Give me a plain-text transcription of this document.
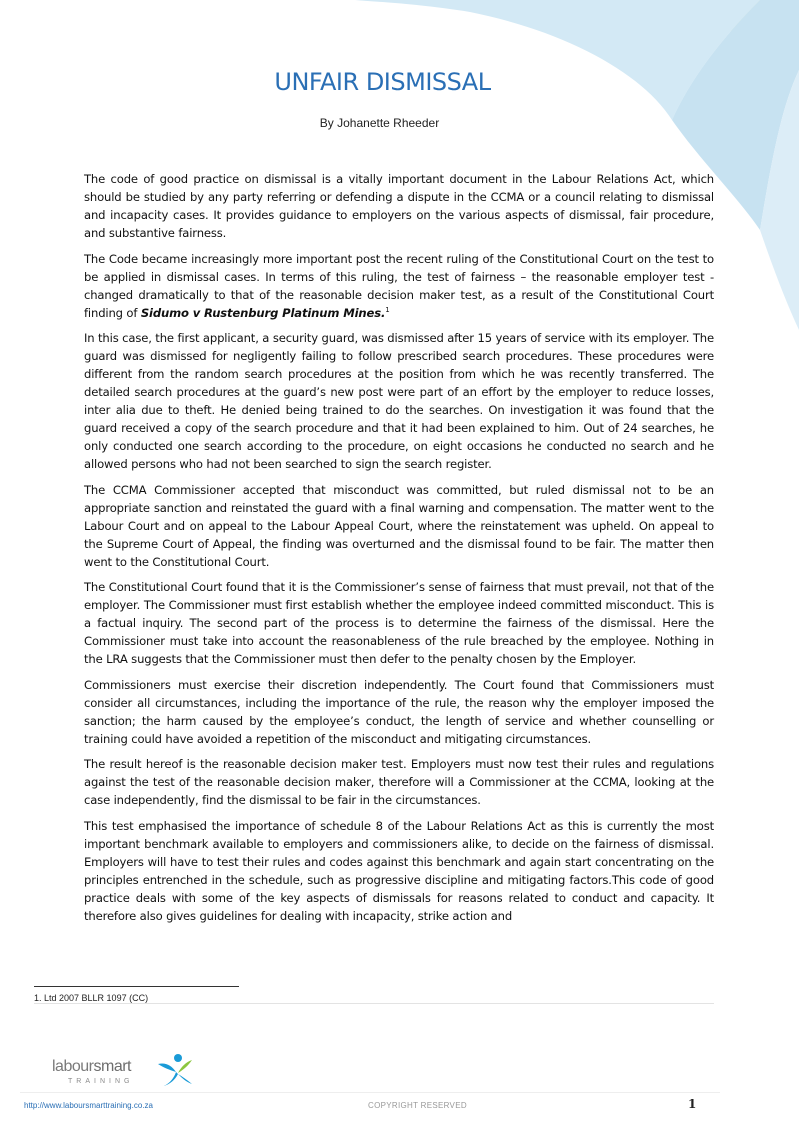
UNFAIR DISMISSAL
By Johanette Rheeder

The code of good practice on dismissal is a vitally important document in the Labour Relations Act, which should be studied by any party referring or defending a dispute in the CCMA or a council relating to dismissal and incapacity cases. It provides guidance to employers on the various aspects of dismissal, fair procedure, and substantive fairness.

The Code became increasingly more important post the recent ruling of the Constitutional Court on the test to be applied in dismissal cases. In terms of this ruling, the test of fairness – the reasonable employer test - changed dramatically to that of the reasonable decision maker test, as a result of the Constitutional Court finding of Sidumo v Rustenburg Platinum Mines.$^1$

In this case, the first applicant, a security guard, was dismissed after 15 years of service with its employer. The guard was dismissed for negligently failing to follow prescribed search procedures. These procedures were different from the random search procedures at the position from which he was recently transferred. The detailed search procedures at the guard’s new post were part of an effort by the employer to reduce losses, inter alia due to theft. He denied being trained to do the searches. On investigation it was found that the guard received a copy of the search procedure and that it had been explained to him. Out of 24 searches, he only conducted one search according to the procedure, on eight occasions he conducted no search and he allowed persons who had not been searched to sign the search register.

The CCMA Commissioner accepted that misconduct was committed, but ruled dismissal not to be an appropriate sanction and reinstated the guard with a final warning and compensation. The matter went to the Labour Court and on appeal to the Labour Appeal Court, where the reinstatement was upheld. On appeal to the Supreme Court of Appeal, the finding was overturned and the dismissal found to be fair. The matter then went to the Constitutional Court.

The Constitutional Court found that it is the Commissioner’s sense of fairness that must prevail, not that of the employer. The Commissioner must first establish whether the employee indeed committed misconduct. This is a factual inquiry. The second part of the process is to determine the fairness of the dismissal. Here the Commissioner must take into account the reasonableness of the rule breached by the employee. Nothing in the LRA suggests that the Commissioner must then defer to the penalty chosen by the Employer.

Commissioners must exercise their discretion independently. The Court found that Commissioners must consider all circumstances, including the importance of the rule, the reason why the employer imposed the sanction; the harm caused by the employee’s conduct, the length of service and whether counselling or training could have avoided a repetition of the misconduct and mitigating circumstances.

The result hereof is the reasonable decision maker test. Employers must now test their rules and regulations against the test of the reasonable decision maker, therefore will a Commissioner at the CCMA, looking at the case independently, find the dismissal to be fair in the circumstances.

This test emphasised the importance of schedule 8 of the Labour Relations Act as this is currently the most important benchmark available to employers and commissioners alike, to decide on the fairness of dismissal. Employers will have to test their rules and codes against this benchmark and again start concentrating on the principles entrenched in the schedule, such as progressive discipline and mitigating factors.This code of good practice deals with some of the key aspects of dismissals for reasons related to conduct and capacity. It therefore also gives guidelines for dealing with incapacity, strike action and

1. Ltd 2007 BLLR 1097 (CC)
laboursmart
TRAINING
http://www.laboursmarttraining.co.za	COPYRIGHT RESERVED	1
